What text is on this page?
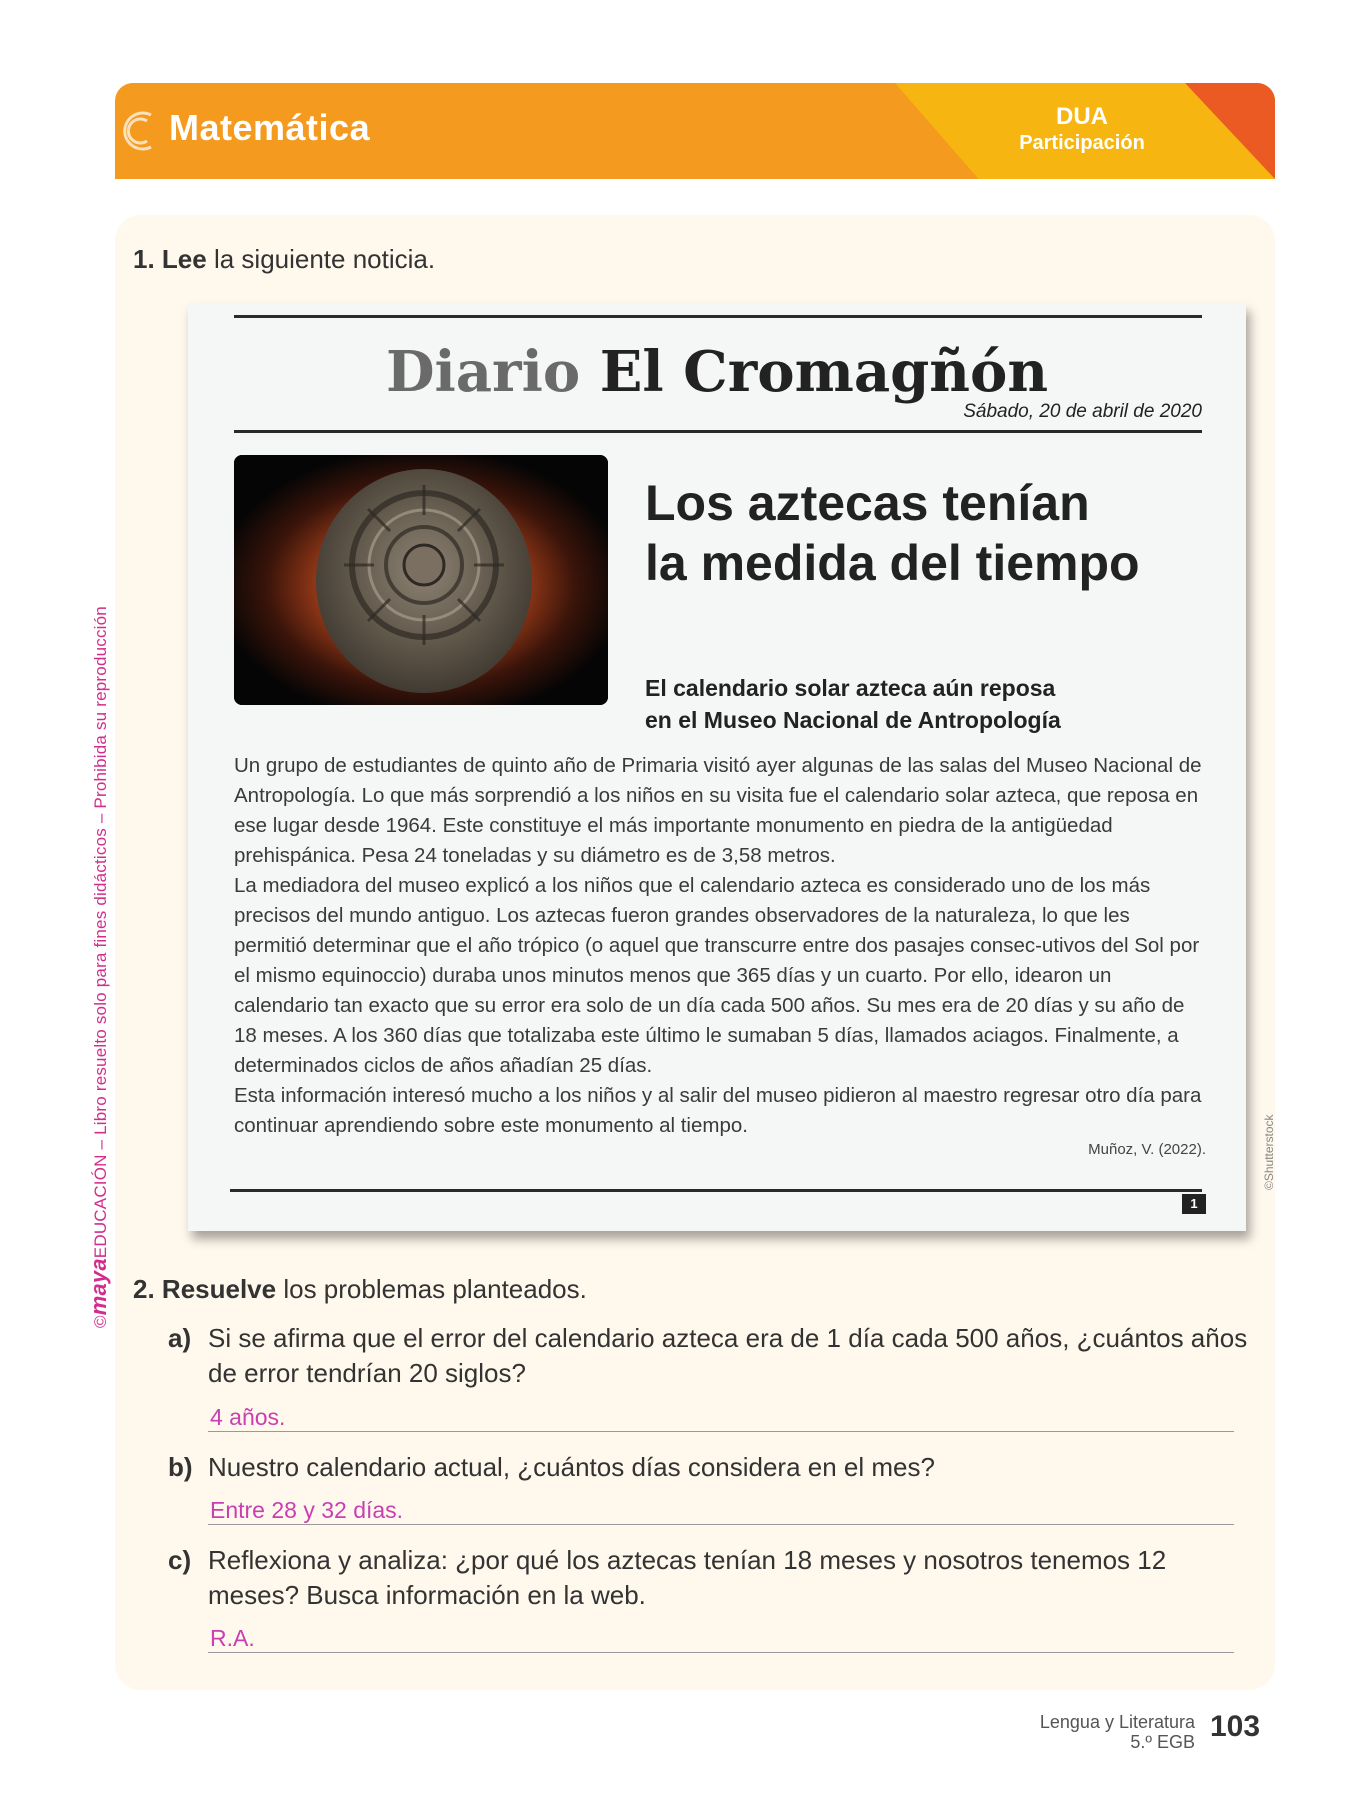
Matemática	DUA
Participación
©mayaEDUCACIÓN – Libro resuelto solo para fines didácticos – Prohibida su reproducción
1. Lee la siguiente noticia.
Diario El Cromagñón
Sábado, 20 de abril de 2020
Los aztecas tenían
la medida del tiempo
El calendario solar azteca aún reposa
en el Museo Nacional de Antropología

Un grupo de estudiantes de quinto año de Primaria visitó ayer algunas de las salas del Museo Nacional de Antropología. Lo que más sorprendió a los niños en su visita fue el calendario solar azteca, que reposa en ese lugar desde 1964. Este constituye el más importante monumento en piedra de la antigüedad prehispánica. Pesa 24 toneladas y su diámetro es de 3,58 metros.

La mediadora del museo explicó a los niños que el calendario azteca es considerado uno de los más precisos del mundo antiguo. Los aztecas fueron grandes observadores de la naturaleza, lo que les permitió determinar que el año trópico (o aquel que transcurre entre dos pasajes consec-utivos del Sol por el mismo equinoccio) duraba unos minutos menos que 365 días y un cuarto. Por ello, idearon un calendario tan exacto que su error era solo de un día cada 500 años. Su mes era de 20 días y su año de 18 meses. A los 360 días que totalizaba este último le sumaban 5 días, llamados aciagos. Finalmente, a determinados ciclos de años añadían 25 días.

Esta información interesó mucho a los niños y al salir del museo pidieron al maestro regresar otro día para continuar aprendiendo sobre este monumento al tiempo.

Muñoz, V. (2022).
1
©Shutterstock
2. Resuelve los problemas planteados.
a) Si se afirma que el error del calendario azteca era de 1 día cada 500 años, ¿cuántos años de error tendrían 20 siglos?
4 años.
b) Nuestro calendario actual, ¿cuántos días considera en el mes?
Entre 28 y 32 días.
c) Reflexiona y analiza: ¿por qué los aztecas tenían 18 meses y nosotros tenemos 12 meses? Busca información en la web.
R.A.
Lengua y Literatura
5.º EGB 103
